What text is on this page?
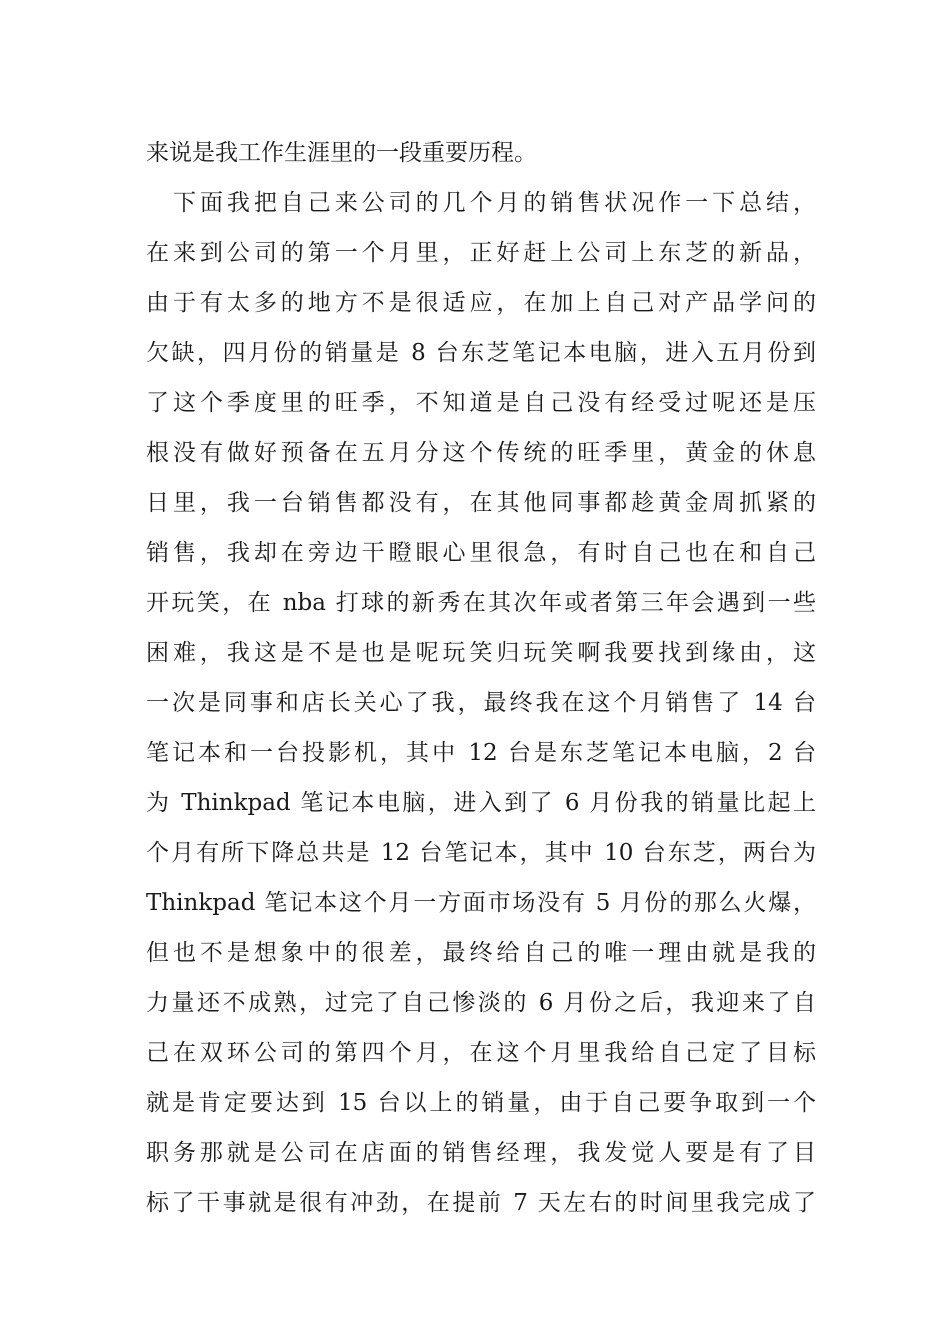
来说是我工作生涯里的一段重要历程。
下面我把自己来公司的几个月的销售状况作一下总结，
在来到公司的第一个月里，正好赶上公司上东芝的新品，
由于有太多的地方不是很适应，在加上自己对产品学问的
欠缺，四月份的销量是 8 台东芝笔记本电脑，进入五月份到
了这个季度里的旺季，不知道是自己没有经受过呢还是压
根没有做好预备在五月分这个传统的旺季里，黄金的休息
日里，我一台销售都没有，在其他同事都趁黄金周抓紧的
销售，我却在旁边干瞪眼心里很急，有时自己也在和自己
开玩笑，在 nba 打球的新秀在其次年或者第三年会遇到一些
困难，我这是不是也是呢玩笑归玩笑啊我要找到缘由，这
一次是同事和店长关心了我，最终我在这个月销售了 14 台
笔记本和一台投影机，其中 12 台是东芝笔记本电脑，2 台
为 Thinkpad 笔记本电脑，进入到了 6 月份我的销量比起上
个月有所下降总共是 12 台笔记本，其中 10 台东芝，两台为
Thinkpad 笔记本这个月一方面市场没有 5 月份的那么火爆，
但也不是想象中的很差，最终给自己的唯一理由就是我的
力量还不成熟，过完了自己惨淡的 6 月份之后，我迎来了自
己在双环公司的第四个月，在这个月里我给自己定了目标
就是肯定要达到 15 台以上的销量，由于自己要争取到一个
职务那就是公司在店面的销售经理，我发觉人要是有了目
标了干事就是很有冲劲，在提前 7 天左右的时间里我完成了
